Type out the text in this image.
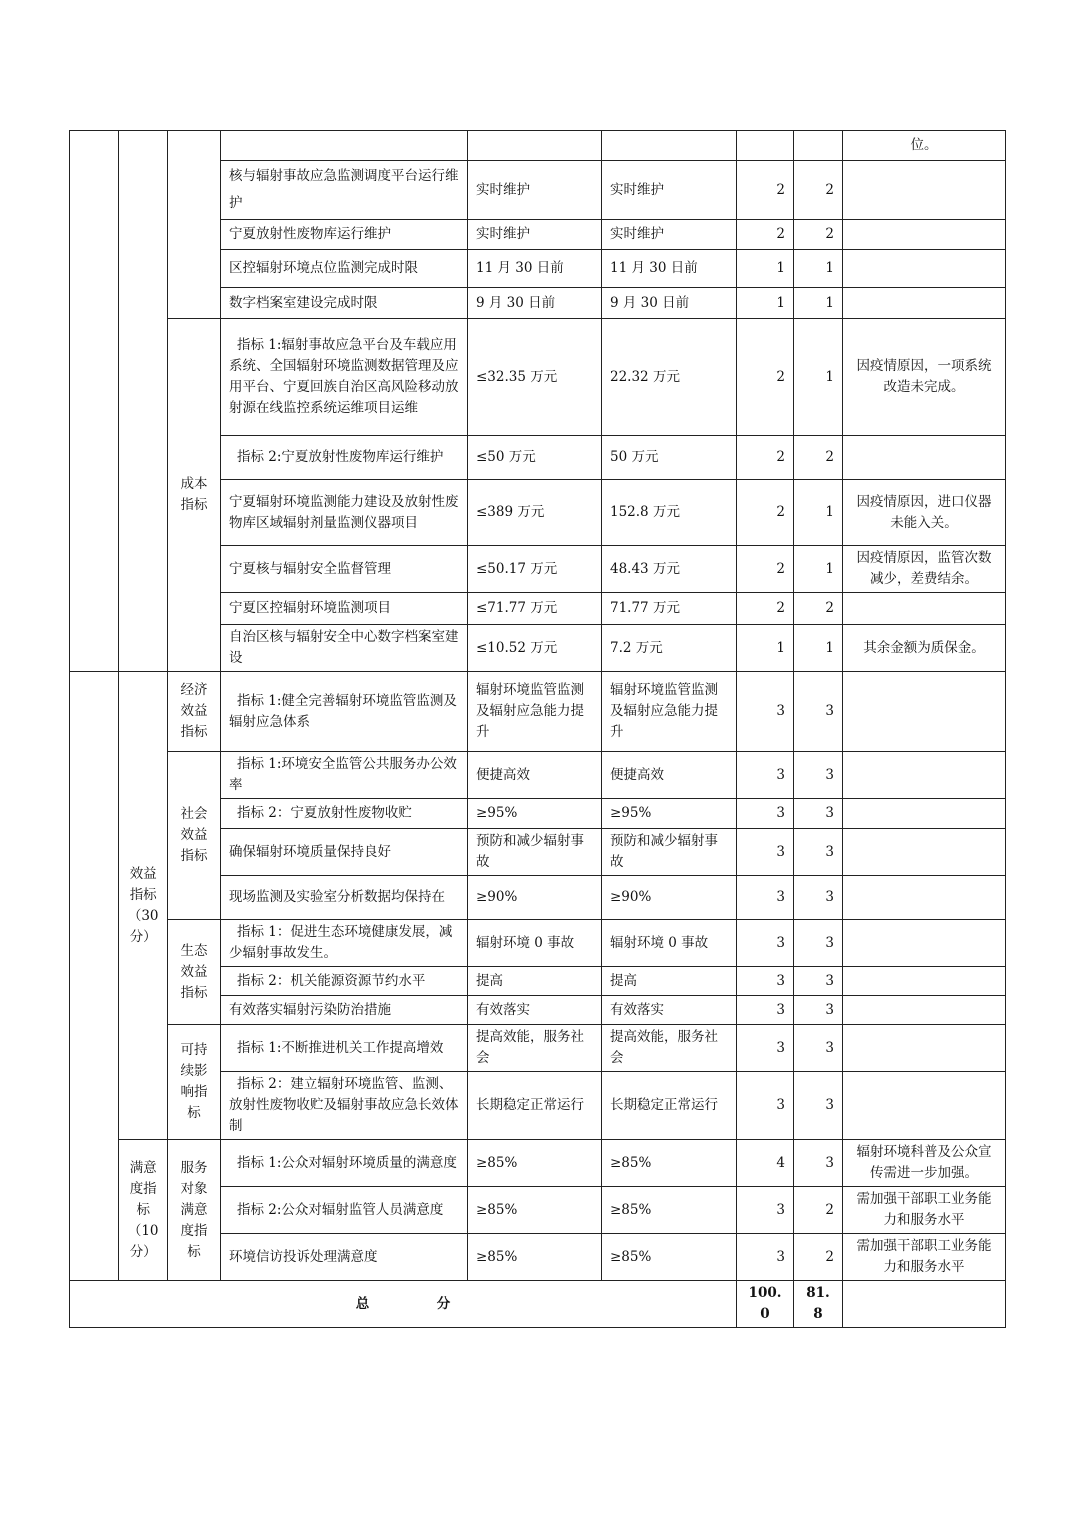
								位。
			核与辐射事故应急监测调度平台运行维护	实时维护	实时维护	2	2	
			宁夏放射性废物库运行维护	实时维护	实时维护	2	2	
			区控辐射环境点位监测完成时限	11 月 30 日前	11 月 30 日前	1	1	
			数字档案室建设完成时限	9 月 30 日前	9 月 30 日前	1	1	
		成本指标	指标 1:辐射事故应急平台及车载应用系统、全国辐射环境监测数据管理及应用平台、宁夏回族自治区高风险移动放射源在线监控系统运维项目运维	≤32.35 万元	22.32 万元	2	1	因疫情原因，一项系统改造未完成。
			指标 2:宁夏放射性废物库运行维护	≤50 万元	50 万元	2	2	
			宁夏辐射环境监测能力建设及放射性废物库区域辐射剂量监测仪器项目	≤389 万元	152.8 万元	2	1	因疫情原因，进口仪器未能入关。
			宁夏核与辐射安全监督管理	≤50.17 万元	48.43 万元	2	1	因疫情原因，监管次数减少，差费结余。
			宁夏区控辐射环境监测项目	≤71.77 万元	71.77 万元	2	2	
			自治区核与辐射安全中心数字档案室建设	≤10.52 万元	7.2 万元	1	1	其余金额为质保金。
	效益指标（30分）	经济效益指标	指标 1:健全完善辐射环境监管监测及辐射应急体系	辐射环境监管监测及辐射应急能力提升	辐射环境监管监测及辐射应急能力提升	3	3	
		社会效益指标	指标 1:环境安全监管公共服务办公效率	便捷高效	便捷高效	3	3	
			指标 2：宁夏放射性废物收贮	≥95%	≥95%	3	3	
			确保辐射环境质量保持良好	预防和减少辐射事故	预防和减少辐射事故	3	3	
			现场监测及实验室分析数据均保持在	≥90%	≥90%	3	3	
		生态效益指标	指标 1：促进生态环境健康发展，减少辐射事故发生。	辐射环境 0 事故	辐射环境 0 事故	3	3	
			指标 2：机关能源资源节约水平	提高	提高	3	3	
			有效落实辐射污染防治措施	有效落实	有效落实	3	3	
		可持续影响指标	指标 1:不断推进机关工作提高增效	提高效能，服务社会	提高效能，服务社会	3	3	
			指标 2：建立辐射环境监管、监测、放射性废物收贮及辐射事故应急长效体制	长期稳定正常运行	长期稳定正常运行	3	3	
	满意度指标（10分）	服务对象满意度指标	指标 1:公众对辐射环境质量的满意度	≥85%	≥85%	4	3	辐射环境科普及公众宣传需进一步加强。
			指标 2:公众对辐射监管人员满意度	≥85%	≥85%	3	2	需加强干部职工业务能力和服务水平
			环境信访投诉处理满意度	≥85%	≥85%	3	2	需加强干部职工业务能力和服务水平
总 分						100.0	81.8	
